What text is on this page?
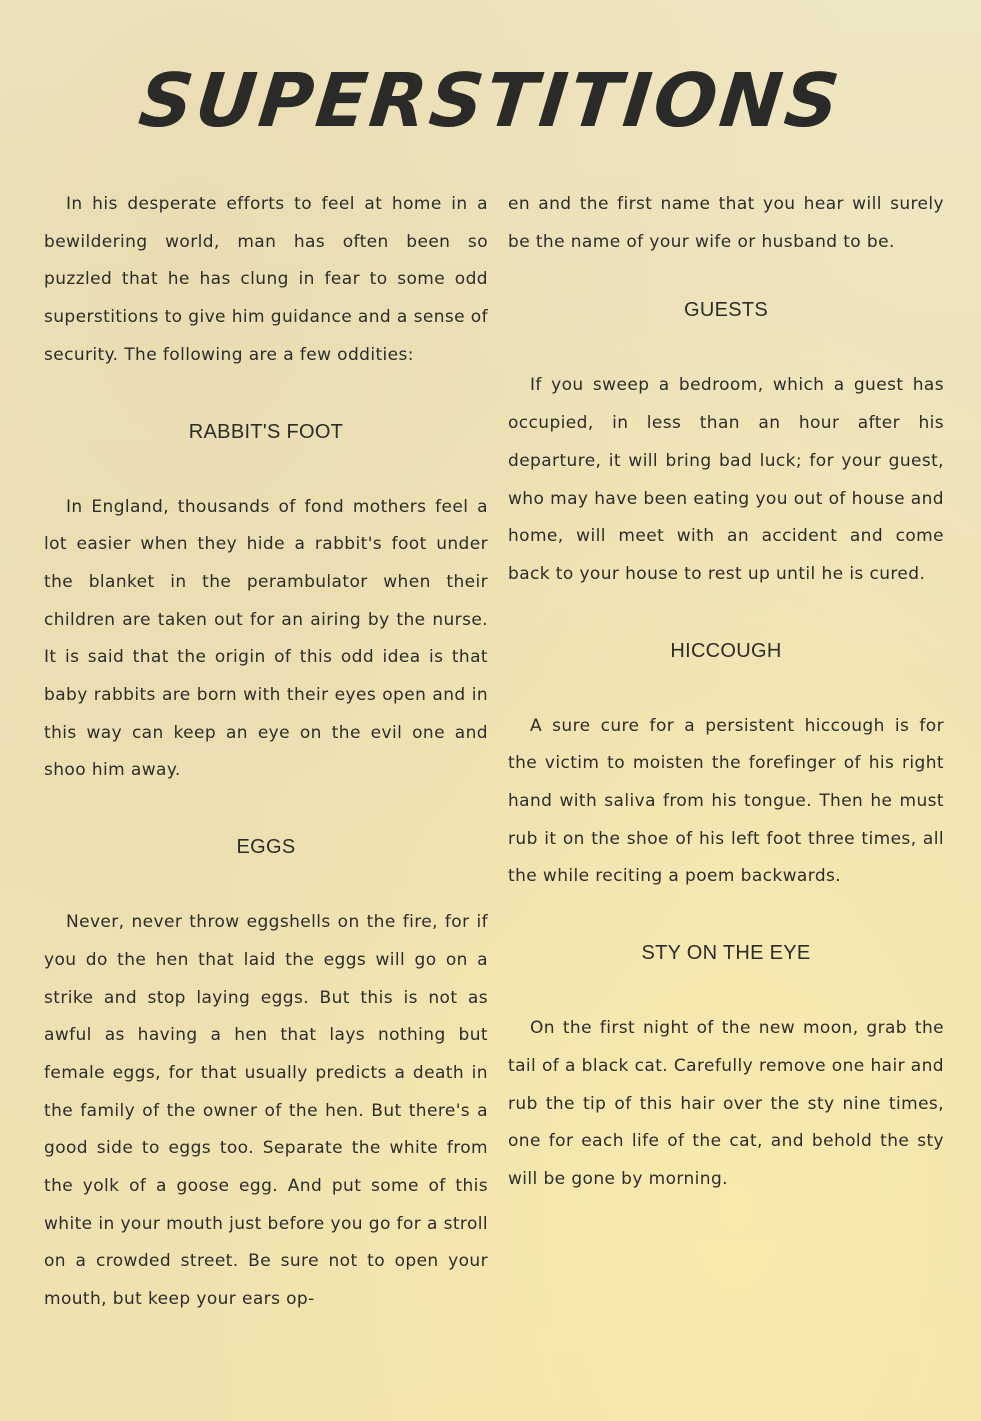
SUPERSTITIONS

In his desperate efforts to feel at home in a bewildering world, man has often been so puzzled that he has clung in fear to some odd superstitions to give him guidance and a sense of security. The following are a few oddities:

RABBIT'S FOOT

In England, thousands of fond mothers feel a lot easier when they hide a rabbit's foot under the blanket in the perambulator when their children are taken out for an airing by the nurse. It is said that the origin of this odd idea is that baby rabbits are born with their eyes open and in this way can keep an eye on the evil one and shoo him away.

EGGS

Never, never throw eggshells on the fire, for if you do the hen that laid the eggs will go on a strike and stop laying eggs. But this is not as awful as having a hen that lays nothing but female eggs, for that usually predicts a death in the family of the owner of the hen. But there's a good side to eggs too. Separate the white from the yolk of a goose egg. And put some of this white in your mouth just before you go for a stroll on a crowded street. Be sure not to open your mouth, but keep your ears op-

en and the first name that you hear will surely be the name of your wife or husband to be.

GUESTS

If you sweep a bedroom, which a guest has occupied, in less than an hour after his departure, it will bring bad luck; for your guest, who may have been eating you out of house and home, will meet with an accident and come back to your house to rest up until he is cured.

HICCOUGH

A sure cure for a persistent hiccough is for the victim to moisten the forefinger of his right hand with saliva from his tongue. Then he must rub it on the shoe of his left foot three times, all the while reciting a poem backwards.

STY ON THE EYE

On the first night of the new moon, grab the tail of a black cat. Carefully remove one hair and rub the tip of this hair over the sty nine times, one for each life of the cat, and behold the sty will be gone by morning.
